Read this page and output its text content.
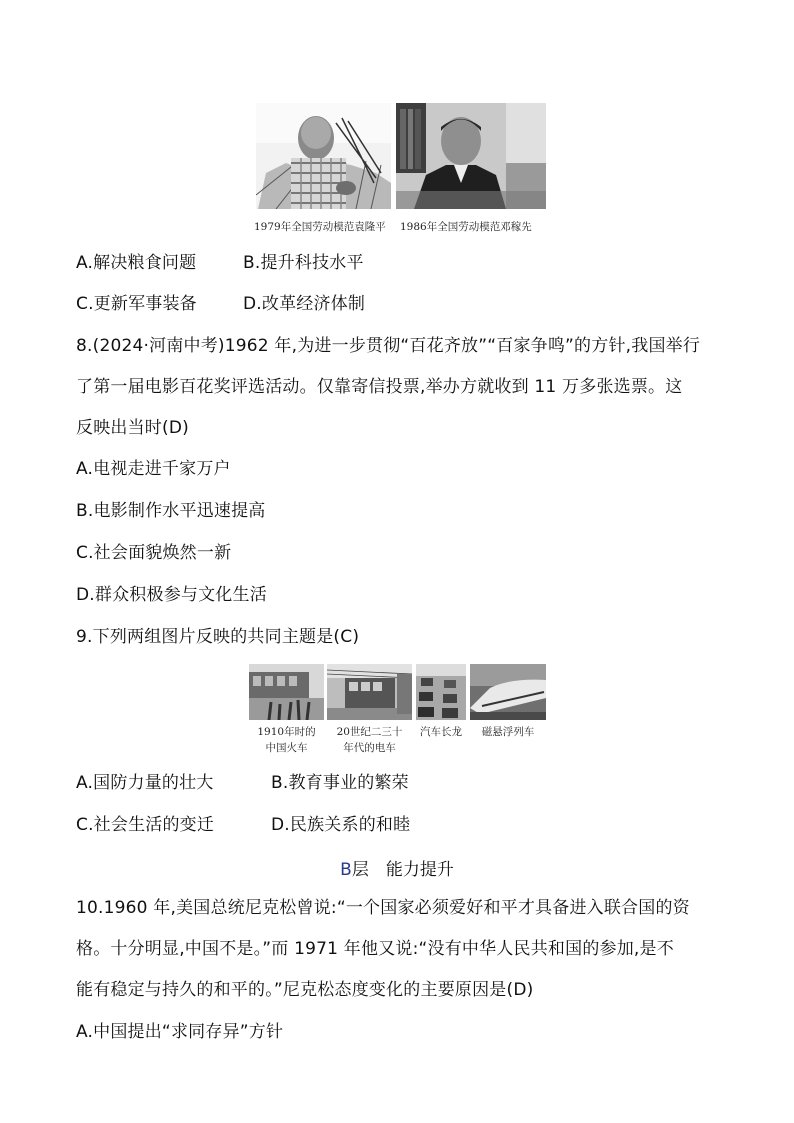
1979年全国劳动模范袁隆平 1986年全国劳动模范邓稼先
A.解决粮食问题	B.提升科技水平
C.更新军事装备	D.改革经济体制
8.(2024·河南中考)1962 年,为进一步贯彻“百花齐放”“百家争鸣”的方针,我国举行
了第一届电影百花奖评选活动。仅靠寄信投票,举办方就收到 11 万多张选票。这
反映出当时(D)
A.电视走进千家万户
B.电影制作水平迅速提高
C.社会面貌焕然一新
D.群众积极参与文化生活
9.下列两组图片反映的共同主题是(C)
1910年时的
中国火车
20世纪二三十
年代的电车
汽车长龙	磁悬浮列车
A.国防力量的壮大	B.教育事业的繁荣
C.社会生活的变迁	D.民族关系的和睦
B层　能力提升
10.1960 年,美国总统尼克松曾说:“一个国家必须爱好和平才具备进入联合国的资
格。十分明显,中国不是。”而 1971 年他又说:“没有中华人民共和国的参加,是不
能有稳定与持久的和平的。”尼克松态度变化的主要原因是(D)
A.中国提出“求同存异”方针
